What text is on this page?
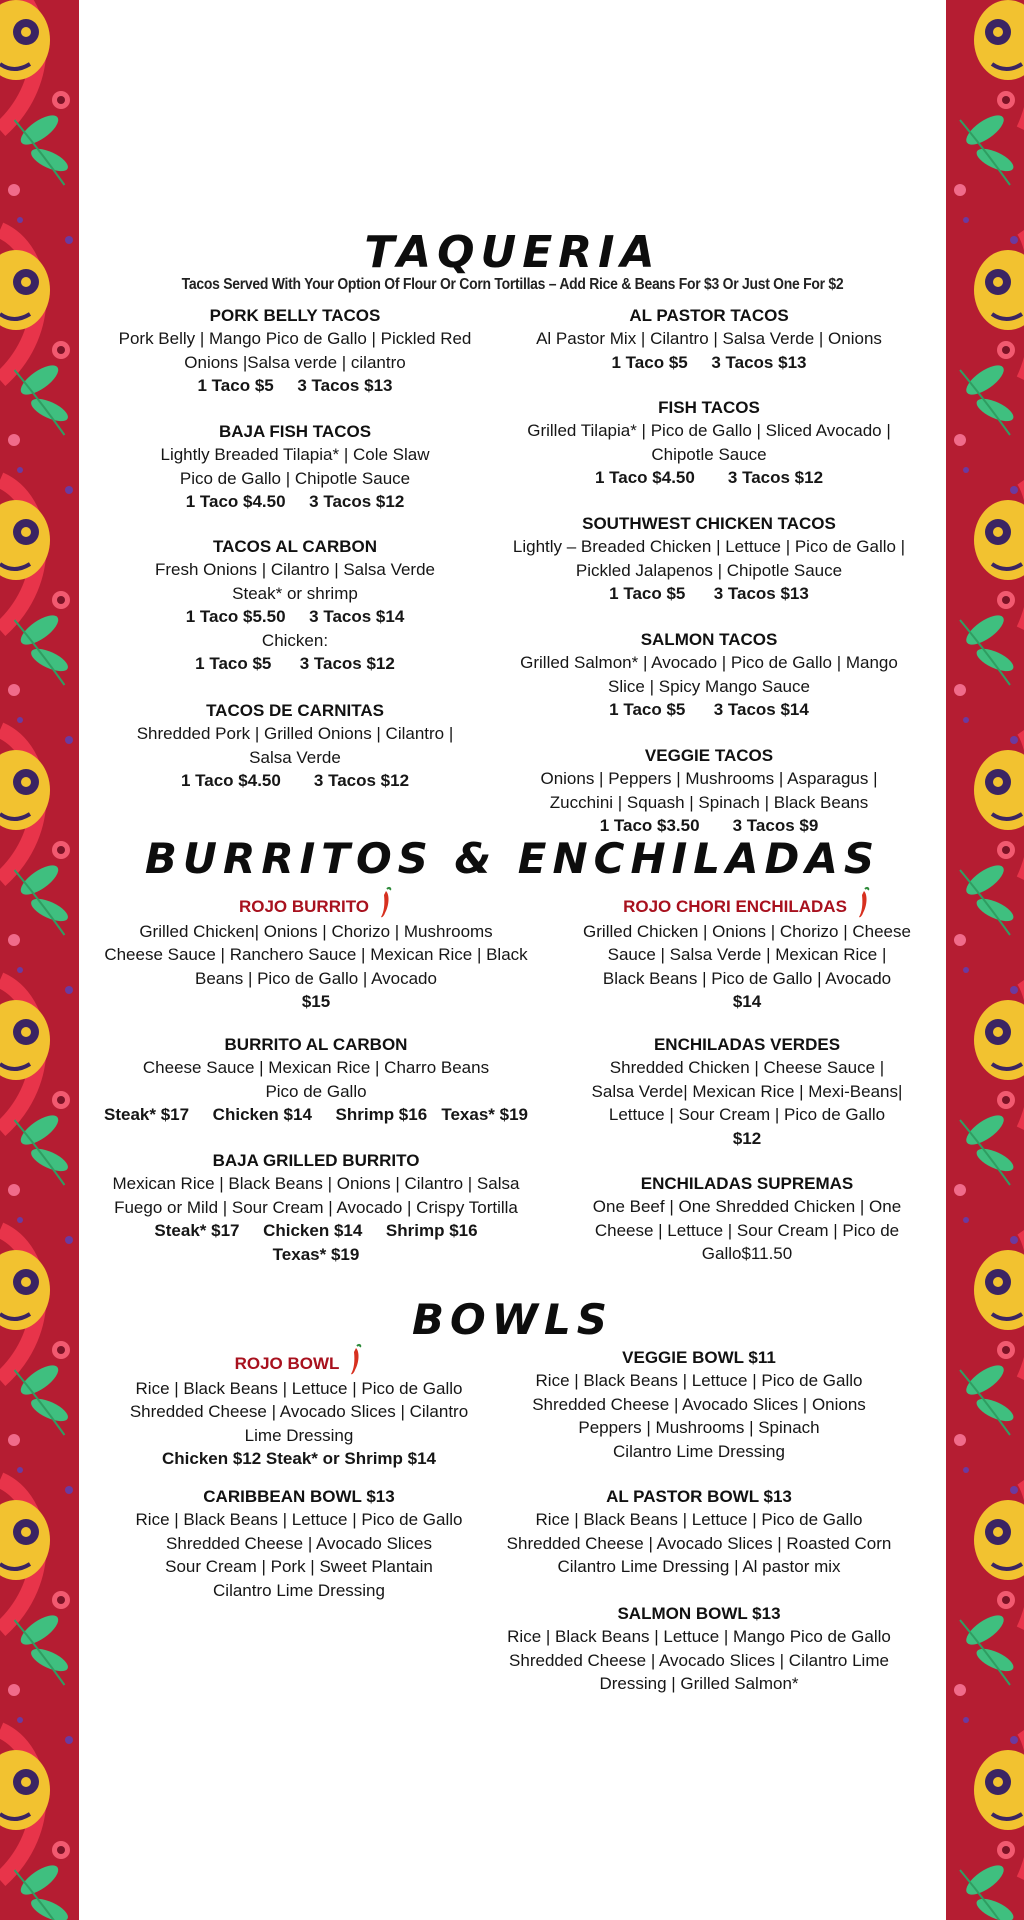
TAQUERIA
Tacos Served With Your Option Of Flour Or Corn Tortillas – Add Rice & Beans For $3 Or Just One For $2
PORK BELLY TACOS
Pork Belly | Mango Pico de Gallo | Pickled Red
Onions |Salsa verde | cilantro
1 Taco $5     3 Tacos $13
BAJA FISH TACOS
Lightly Breaded Tilapia* | Cole Slaw
Pico de Gallo | Chipotle Sauce
1 Taco $4.50     3 Tacos $12
TACOS AL CARBON
Fresh Onions | Cilantro | Salsa Verde
Steak* or shrimp
1 Taco $5.50     3 Tacos $14
Chicken:
1 Taco $5      3 Tacos $12
TACOS DE CARNITAS
Shredded Pork | Grilled Onions | Cilantro |
Salsa Verde
1 Taco $4.50       3 Tacos $12
AL PASTOR TACOS
Al Pastor Mix | Cilantro | Salsa Verde | Onions
1 Taco $5     3 Tacos $13
FISH TACOS
Grilled Tilapia* | Pico de Gallo | Sliced Avocado |
Chipotle Sauce
1 Taco $4.50       3 Tacos $12
SOUTHWEST CHICKEN TACOS
Lightly – Breaded Chicken | Lettuce | Pico de Gallo |
Pickled Jalapenos | Chipotle Sauce
1 Taco $5      3 Tacos $13
SALMON TACOS
Grilled Salmon* | Avocado | Pico de Gallo | Mango
Slice | Spicy Mango Sauce
1 Taco $5      3 Tacos $14
VEGGIE TACOS
Onions | Peppers | Mushrooms | Asparagus |
Zucchini | Squash | Spinach | Black Beans
1 Taco $3.50       3 Tacos $9
BURRITOS & ENCHILADAS
ROJO BURRITO
Grilled Chicken| Onions | Chorizo | Mushrooms
Cheese Sauce | Ranchero Sauce | Mexican Rice | Black
Beans | Pico de Gallo | Avocado
$15
ROJO CHORI ENCHILADAS
Grilled Chicken | Onions | Chorizo | Cheese
Sauce | Salsa Verde | Mexican Rice |
Black Beans | Pico de Gallo | Avocado
$14
BURRITO AL CARBON
Cheese Sauce | Mexican Rice | Charro Beans
Pico de Gallo
Steak* $17     Chicken $14     Shrimp $16   Texas* $19
ENCHILADAS VERDES
Shredded Chicken | Cheese Sauce |
Salsa Verde| Mexican Rice | Mexi-Beans|
Lettuce | Sour Cream | Pico de Gallo
$12
BAJA GRILLED BURRITO
Mexican Rice | Black Beans | Onions | Cilantro | Salsa
Fuego or Mild | Sour Cream | Avocado | Crispy Tortilla
Steak* $17     Chicken $14     Shrimp $16
Texas* $19
ENCHILADAS SUPREMAS
One Beef | One Shredded Chicken | One
Cheese | Lettuce | Sour Cream | Pico de
Gallo$11.50
BOWLS
ROJO BOWL
Rice | Black Beans | Lettuce | Pico de Gallo
Shredded Cheese | Avocado Slices | Cilantro
Lime Dressing
Chicken $12 Steak* or Shrimp $14
VEGGIE BOWL $11
Rice | Black Beans | Lettuce | Pico de Gallo
Shredded Cheese | Avocado Slices | Onions
Peppers | Mushrooms | Spinach
Cilantro Lime Dressing
CARIBBEAN BOWL $13
Rice | Black Beans | Lettuce | Pico de Gallo
Shredded Cheese | Avocado Slices
Sour Cream | Pork | Sweet Plantain
Cilantro Lime Dressing
AL PASTOR BOWL $13
Rice | Black Beans | Lettuce | Pico de Gallo
Shredded Cheese | Avocado Slices | Roasted Corn
Cilantro Lime Dressing | Al pastor mix
SALMON BOWL $13
Rice | Black Beans | Lettuce | Mango Pico de Gallo
Shredded Cheese | Avocado Slices | Cilantro Lime
Dressing | Grilled Salmon*
